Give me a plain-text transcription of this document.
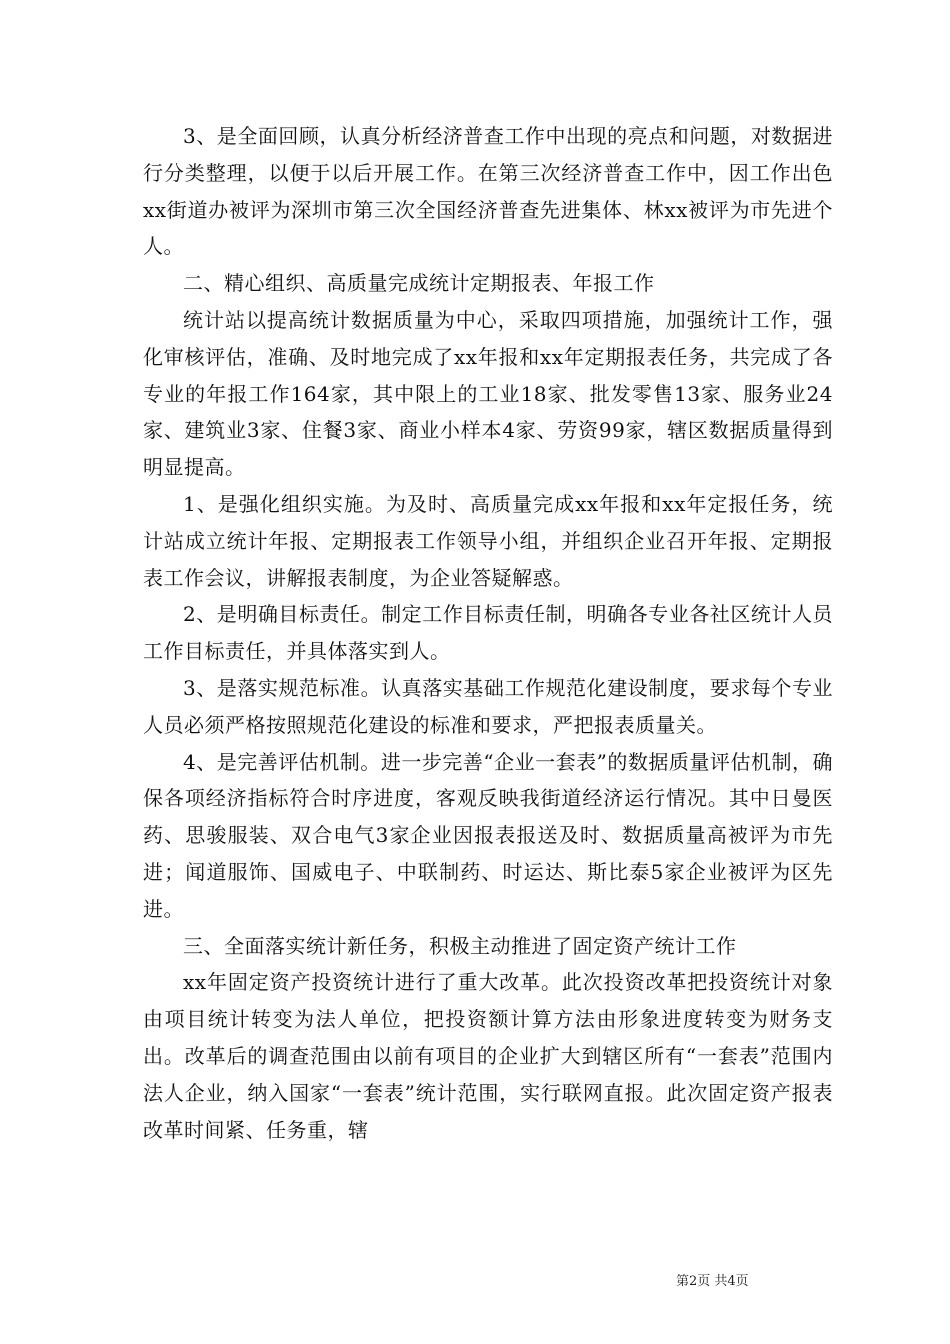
3、是全面回顾，认真分析经济普查工作中出现的亮点和问题，对数据进行分类整理，以便于以后开展工作。在第三次经济普查工作中，因工作出色xx街道办被评为深圳市第三次全国经济普查先进集体、林xx被评为市先进个人。

二、精心组织、高质量完成统计定期报表、年报工作

统计站以提高统计数据质量为中心，采取四项措施，加强统计工作，强化审核评估，准确、及时地完成了xx年报和xx年定期报表任务，共完成了各专业的年报工作164家，其中限上的工业18家、批发零售13家、服务业24家、建筑业3家、住餐3家、商业小样本4家、劳资99家，辖区数据质量得到明显提高。

1、是强化组织实施。为及时、高质量完成xx年报和xx年定报任务，统计站成立统计年报、定期报表工作领导小组，并组织企业召开年报、定期报表工作会议，讲解报表制度，为企业答疑解惑。

2、是明确目标责任。制定工作目标责任制，明确各专业各社区统计人员工作目标责任，并具体落实到人。

3、是落实规范标准。认真落实基础工作规范化建设制度，要求每个专业人员必须严格按照规范化建设的标准和要求，严把报表质量关。

4、是完善评估机制。进一步完善“企业一套表”的数据质量评估机制，确保各项经济指标符合时序进度，客观反映我街道经济运行情况。其中日曼医药、思骏服装、双合电气3家企业因报表报送及时、数据质量高被评为市先进；闻道服饰、国威电子、中联制药、时运达、斯比泰5家企业被评为区先进。

三、全面落实统计新任务，积极主动推进了固定资产统计工作

xx年固定资产投资统计进行了重大改革。此次投资改革把投资统计对象由项目统计转变为法人单位，把投资额计算方法由形象进度转变为财务支出。改革后的调查范围由以前有项目的企业扩大到辖区所有“一套表”范围内法人企业，纳入国家“一套表”统计范围，实行联网直报。此次固定资产报表改革时间紧、任务重，辖

第2页 共4页
